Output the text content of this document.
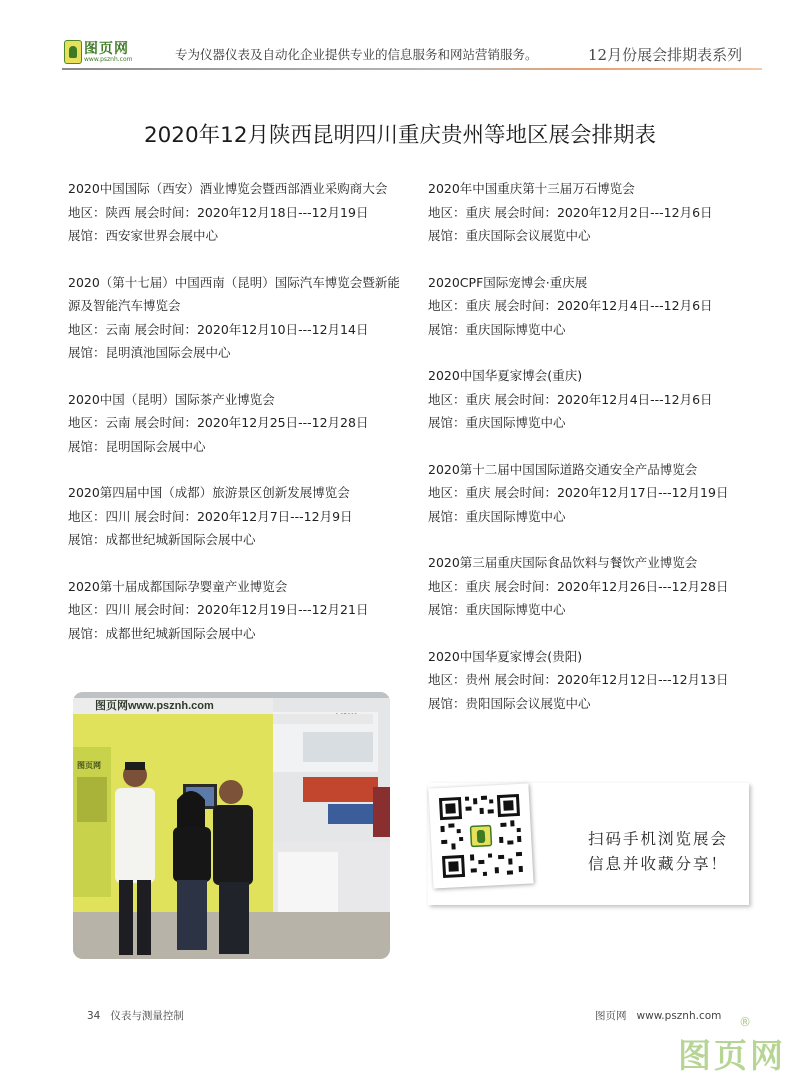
图页网
www.psznh.com	专为仪器仪表及自动化企业提供专业的信息服务和网站营销服务。	12月份展会排期表系列
2020年12月陕西昆明四川重庆贵州等地区展会排期表
2020中国国际（西安）酒业博览会暨西部酒业采购商大会
地区：陕西 展会时间：2020年12月18日---12月19日
展馆：西安家世界会展中心
2020（第十七届）中国西南（昆明）国际汽车博览会暨新能源及智能汽车博览会
地区：云南 展会时间：2020年12月10日---12月14日
展馆：昆明滇池国际会展中心
2020中国（昆明）国际茶产业博览会
地区：云南 展会时间：2020年12月25日---12月28日
展馆：昆明国际会展中心
2020第四届中国（成都）旅游景区创新发展博览会
地区：四川 展会时间：2020年12月7日---12月9日
展馆：成都世纪城新国际会展中心
2020第十届成都国际孕婴童产业博览会
地区：四川 展会时间：2020年12月19日---12月21日
展馆：成都世纪城新国际会展中心
2020年中国重庆第十三届万石博览会
地区：重庆 展会时间：2020年12月2日---12月6日
展馆：重庆国际会议展览中心
2020CPF国际宠博会·重庆展
地区：重庆 展会时间：2020年12月4日---12月6日
展馆：重庆国际博览中心
2020中国华夏家博会(重庆)
地区：重庆 展会时间：2020年12月4日---12月6日
展馆：重庆国际博览中心
2020第十二届中国国际道路交通安全产品博览会
地区：重庆 展会时间：2020年12月17日---12月19日
展馆：重庆国际博览中心
2020第三届重庆国际食品饮料与餐饮产业博览会
地区：重庆 展会时间：2020年12月26日---12月28日
展馆：重庆国际博览中心
2020中国华夏家博会(贵阳)
地区：贵州 展会时间：2020年12月12日---12月13日
展馆：贵阳国际会议展览中心
图页网www.psznh.com
图页网
扫码手机浏览展会
信息并收藏分享！
34   仪表与测量控制	图页网   www.psznh.com
图页网
®
